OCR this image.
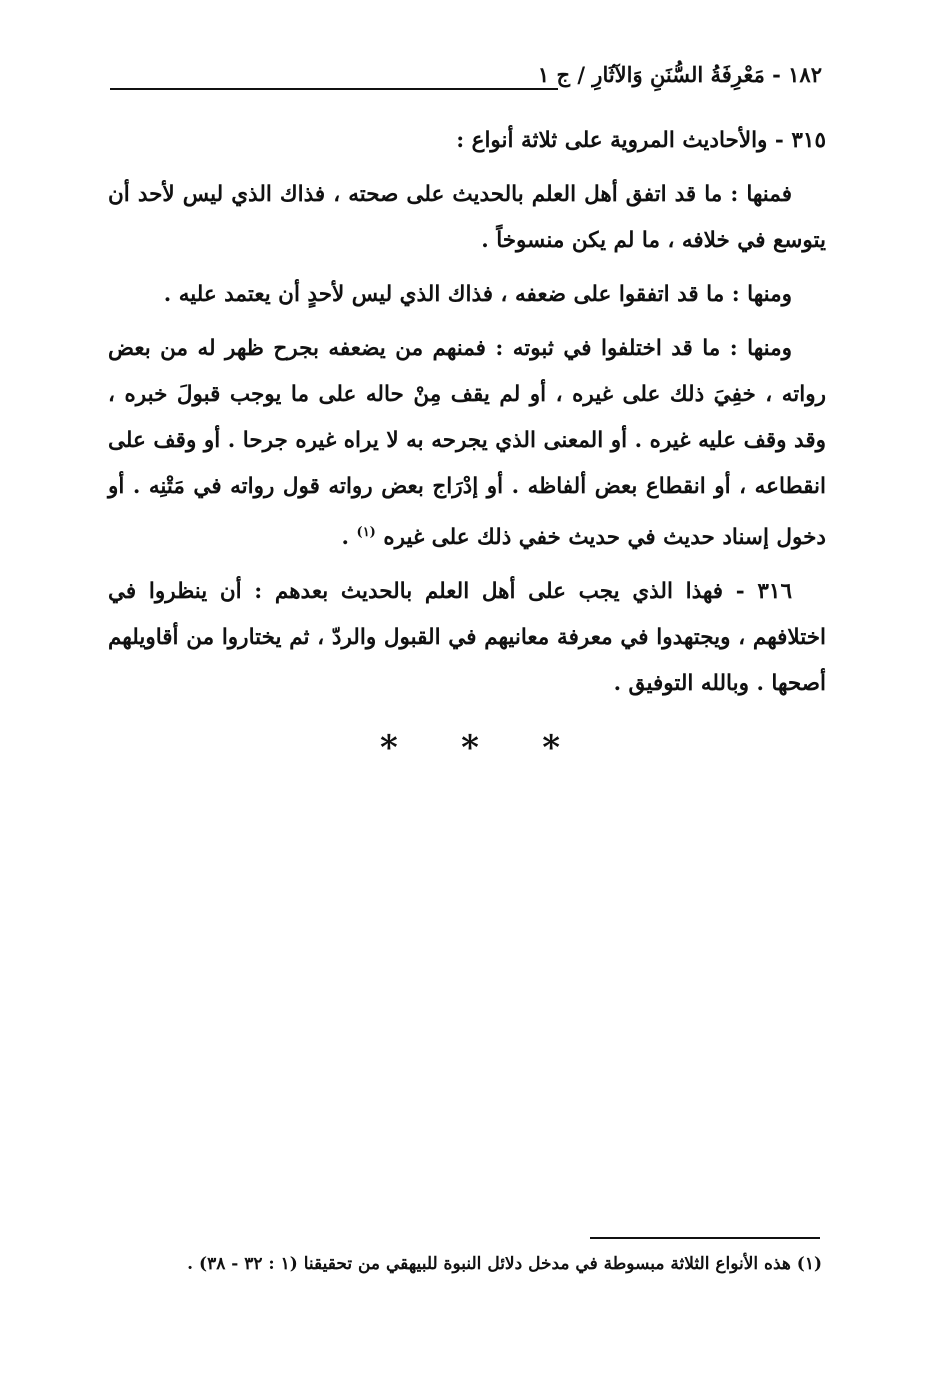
١٨٢ - مَعْرِفَةُ السُّنَنِ وَالآثَارِ / ج ١

٣١٥ - والأحاديث المروية على ثلاثة أنواع :

فمنها : ما قد اتفق أهل العلم بالحديث على صحته ، فذاك الذي ليس لأحد أن يتوسع في خلافه ، ما لم يكن منسوخاً .

ومنها : ما قد اتفقوا على ضعفه ، فذاك الذي ليس لأحدٍ أن يعتمد عليه .

ومنها : ما قد اختلفوا في ثبوته : فمنهم من يضعفه بجرح ظهر له من بعض رواته ، خفِيَ ذلك على غيره ، أو لم يقف مِنْ حاله على ما يوجب قبولَ خبره ، وقد وقف عليه غيره . أو المعنى الذي يجرحه به لا يراه غيره جرحا . أو وقف على انقطاعه ، أو انقطاع بعض ألفاظه . أو إدْرَاج بعض رواته قول رواته في مَتْنِه . أو دخول إسناد حديث في حديث خفي ذلك على غيره $^{(١)}$ .

٣١٦ - فهذا الذي يجب على أهل العلم بالحديث بعدهم : أن ينظروا في اختلافهم ، ويجتهدوا في معرفة معانيهم في القبول والردّ ، ثم يختاروا من أقاويلهم أصحها . وبالله التوفيق .

* * *
(١) هذه الأنواع الثلاثة مبسوطة في مدخل دلائل النبوة للبيهقي من تحقيقنا (١ : ٣٢ - ٣٨) .
